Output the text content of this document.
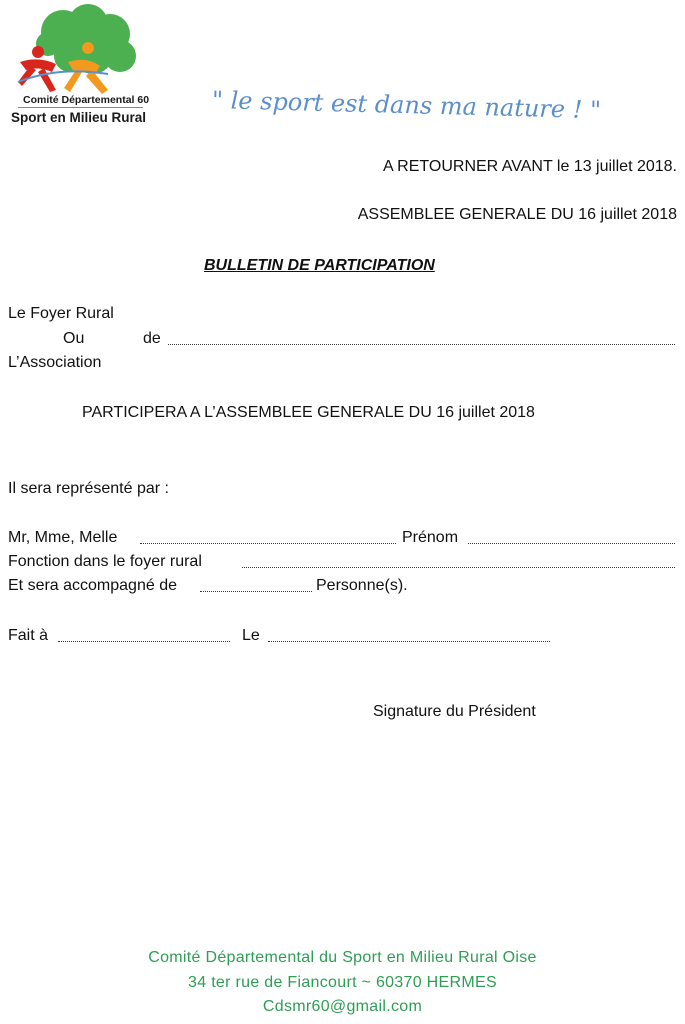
Comité Départemental 60
Sport en Milieu Rural	" le sport est dans ma nature ! "
A RETOURNER AVANT le 13 juillet 2018.
ASSEMBLEE GENERALE DU 16 juillet 2018
BULLETIN DE PARTICIPATION
Le Foyer Rural
Ou	de
L’Association
PARTICIPERA A L’ASSEMBLEE GENERALE DU 16 juillet 2018
Il sera représenté par :
Mr, Mme, Melle	Prénom
Fonction dans le foyer rural
Et sera accompagné de	Personne(s).
Fait à	Le
Signature du Président
Comité Départemental du Sport en Milieu Rural Oise
34 ter rue de Fiancourt ~ 60370 HERMES
Cdsmr60@gmail.com
